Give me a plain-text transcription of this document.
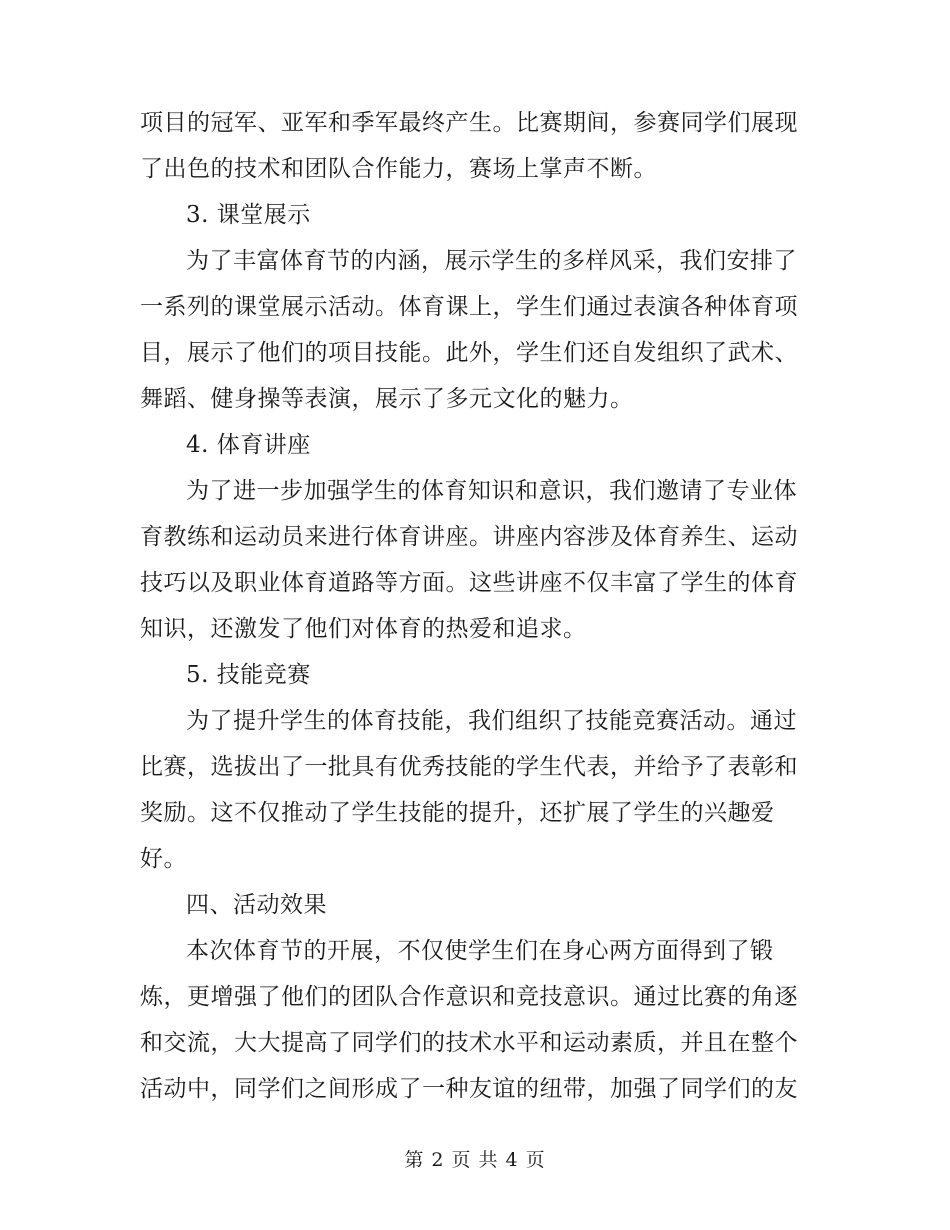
项目的冠军、亚军和季军最终产生。比赛期间，参赛同学们展现
了出色的技术和团队合作能力，赛场上掌声不断。
3. 课堂展示
为了丰富体育节的内涵，展示学生的多样风采，我们安排了
一系列的课堂展示活动。体育课上，学生们通过表演各种体育项
目，展示了他们的项目技能。此外，学生们还自发组织了武术、
舞蹈、健身操等表演，展示了多元文化的魅力。
4. 体育讲座
为了进一步加强学生的体育知识和意识，我们邀请了专业体
育教练和运动员来进行体育讲座。讲座内容涉及体育养生、运动
技巧以及职业体育道路等方面。这些讲座不仅丰富了学生的体育
知识，还激发了他们对体育的热爱和追求。
5. 技能竞赛
为了提升学生的体育技能，我们组织了技能竞赛活动。通过
比赛，选拔出了一批具有优秀技能的学生代表，并给予了表彰和
奖励。这不仅推动了学生技能的提升，还扩展了学生的兴趣爱
好。
四、活动效果
本次体育节的开展，不仅使学生们在身心两方面得到了锻
炼，更增强了他们的团队合作意识和竞技意识。通过比赛的角逐
和交流，大大提高了同学们的技术水平和运动素质，并且在整个
活动中，同学们之间形成了一种友谊的纽带，加强了同学们的友
第 2 页 共 4 页
